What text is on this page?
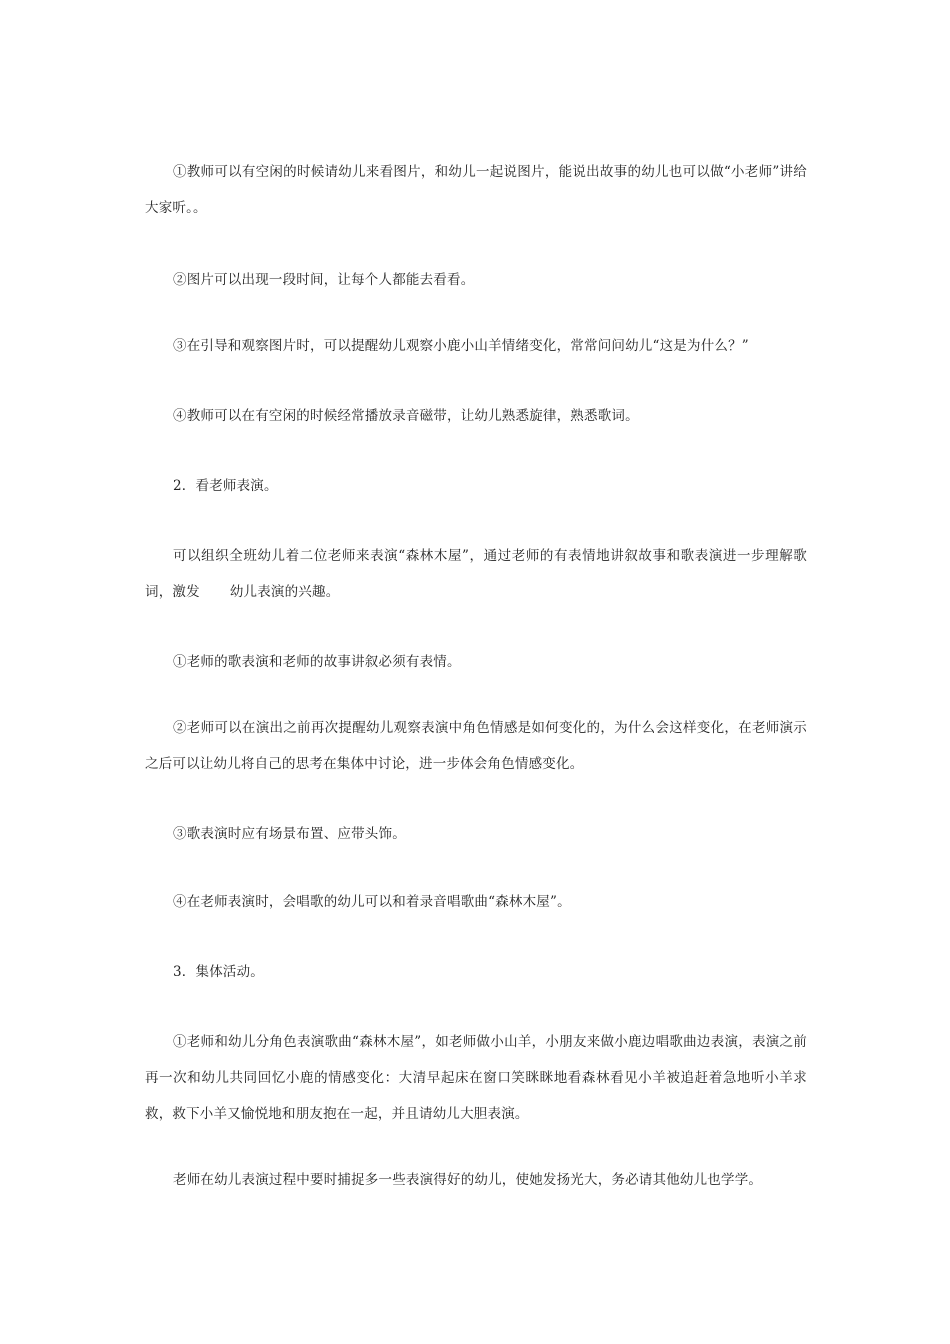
①教师可以有空闲的时候请幼儿来看图片，和幼儿一起说图片，能说出故事的幼儿也可以做“小老师”讲给大家听。。

②图片可以出现一段时间，让每个人都能去看看。

③在引导和观察图片时，可以提醒幼儿观察小鹿小山羊情绪变化，常常问问幼儿“这是为什么？”

④教师可以在有空闲的时候经常播放录音磁带，让幼儿熟悉旋律，熟悉歌词。

2．看老师表演。

可以组织全班幼儿着二位老师来表演“森林木屋”，通过老师的有表情地讲叙故事和歌表演进一步理解歌词，激发 幼儿表演的兴趣。

①老师的歌表演和老师的故事讲叙必须有表情。

②老师可以在演出之前再次提醒幼儿观察表演中角色情感是如何变化的，为什么会这样变化，在老师演示之后可以让幼儿将自己的思考在集体中讨论，进一步体会角色情感变化。

③歌表演时应有场景布置、应带头饰。

④在老师表演时，会唱歌的幼儿可以和着录音唱歌曲“森林木屋”。

3．集体活动。

①老师和幼儿分角色表演歌曲“森林木屋”，如老师做小山羊，小朋友来做小鹿边唱歌曲边表演，表演之前再一次和幼儿共同回忆小鹿的情感变化：大清早起床在窗口笑眯眯地看森林看见小羊被追赶着急地听小羊求救，救下小羊又愉悦地和朋友抱在一起，并且请幼儿大胆表演。

老师在幼儿表演过程中要时捕捉多一些表演得好的幼儿，使她发扬光大，务必请其他幼儿也学学。
